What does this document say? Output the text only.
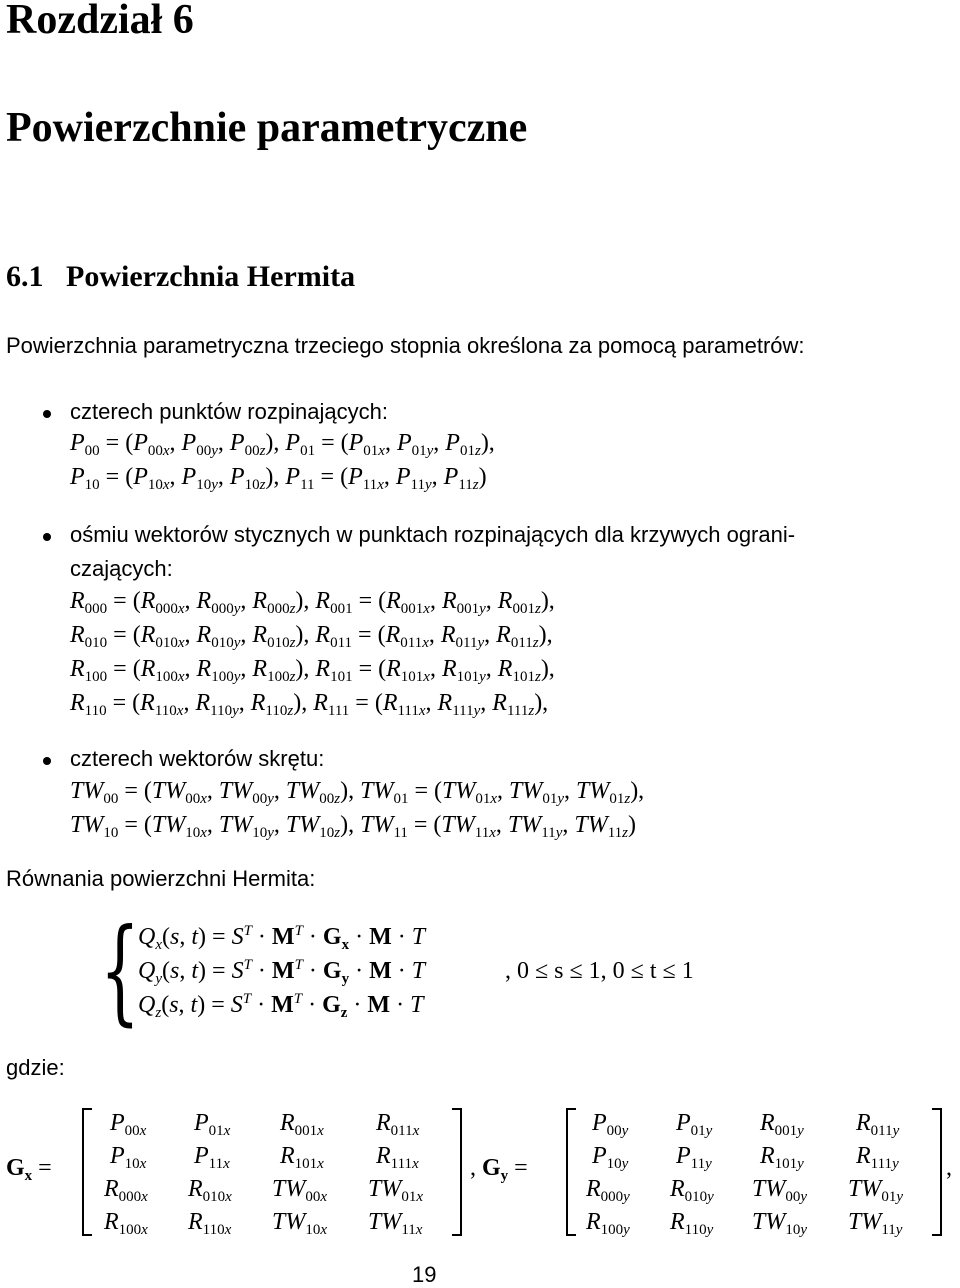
Rozdział 6
Powierzchnie parametryczne
6.1   Powierzchnia Hermita
Powierzchnia parametryczna trzeciego stopnia określona za pomocą parametrów:
czterech punktów rozpinających:
$P_{00} = (P_{00x}$, $P_{00y}$, $P_{00z}$), $P_{01} = (P_{01x}$, $P_{01y}$, $P_{01z}$),
$P_{10} = (P_{10x}$, $P_{10y}$, $P_{10z}$), $P_{11} = (P_{11x}$, $P_{11y}$, $P_{11z}$)
ośmiu wektorów stycznych w punktach rozpinających dla krzywych ograni-
czających:
$R_{000} = (R_{000x}$, $R_{000y}$, $R_{000z}$), $R_{001} = (R_{001x}$, $R_{001y}$, $R_{001z}$),
$R_{010} = (R_{010x}$, $R_{010y}$, $R_{010z}$), $R_{011} = (R_{011x}$, $R_{011y}$, $R_{011z}$),
$R_{100} = (R_{100x}$, $R_{100y}$, $R_{100z}$), $R_{101} = (R_{101x}$, $R_{101y}$, $R_{101z}$),
$R_{110} = (R_{110x}$, $R_{110y}$, $R_{110z}$), $R_{111} = (R_{111x}$, $R_{111y}$, $R_{111z}$),
czterech wektorów skrętu:
$TW_{00} = (TW_{00x}$, $TW_{00y}$, $TW_{00z}$), $TW_{01} = (TW_{01x}$, $TW_{01y}$, $TW_{01z}$),
$TW_{10} = (TW_{10x}$, $TW_{10y}$, $TW_{10z}$), $TW_{11} = (TW_{11x}$, $TW_{11y}$, $TW_{11z}$)
Równania powierzchni Hermita:
{
$Q_x(s$, $t) = S^T \cdot M^T \cdot G_x \cdot M \cdot T$
$Q_y(s$, $t) = S^T \cdot M^T \cdot G_y \cdot M \cdot T$
$Q_z(s$, $t) = S^T \cdot M^T \cdot G_z \cdot M \cdot T$
, 0 ≤ s ≤ 1, 0 ≤ t ≤ 1
gdzie:
$G_x$ =
$P_{00x}$ $P_{01x}$ $R_{001x}$ $R_{011x}$
$P_{10x}$ $P_{11x}$ $R_{101x}$ $R_{111x}$
$R_{000x}$ $R_{010x}$ $TW_{00x}$ $TW_{01x}$
$R_{100x}$ $R_{110x}$ $TW_{10x}$ $TW_{11x}$
, $G_y$ =
$P_{00y}$ $P_{01y}$ $R_{001y}$ $R_{011y}$
$P_{10y}$ $P_{11y}$ $R_{101y}$ $R_{111y}$
$R_{000y}$ $R_{010y}$ $TW_{00y}$ $TW_{01y}$
$R_{100y}$ $R_{110y}$ $TW_{10y}$ $TW_{11y}$
,
19
